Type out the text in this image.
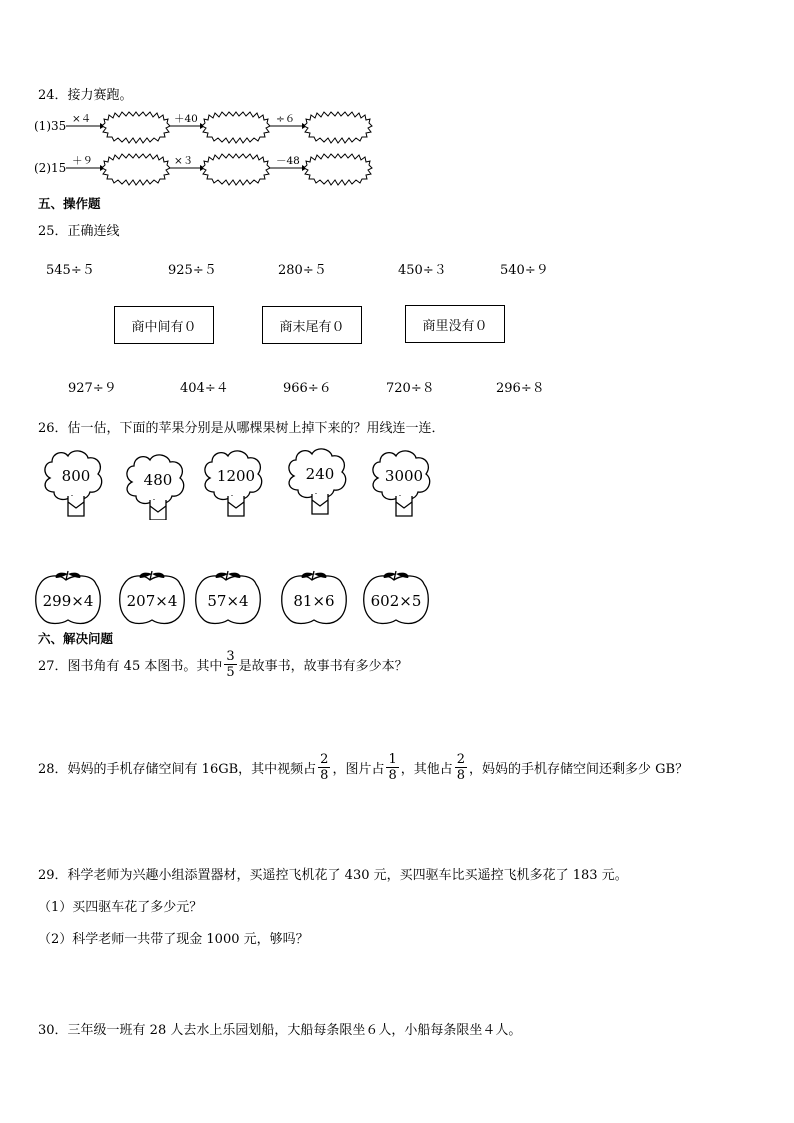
24．接力赛跑。
(1)35 ×４	＋40	÷６
(2)15 ＋９	×３	－48
五、操作题
25．正确连线
545÷５	925÷５	280÷５	450÷３	540÷９
商中间有０	商末尾有０	商里没有０
927÷９	404÷４	966÷６	720÷８	296÷８
26．估一估，下面的苹果分别是从哪棵果树上掉下来的？用线连一连．
800	480	1200	240	3000
299×4 207×4 57×4	81×6 602×5
六、解决问题
27．图书角有 45 本图书。其中 $\frac{3}{5}$ 是故事书，故事书有多少本？
28．妈妈的手机存储空间有 16GB，其中视频占 $\frac{2}{8}$ ，图片占 $\frac{1}{8}$ ，其他占 $\frac{2}{8}$ ，妈妈的手机存储空间还剩多少 GB？
29．科学老师为兴趣小组添置器材，买遥控飞机花了 430 元，买四驱车比买遥控飞机多花了 183 元。
（1）买四驱车花了多少元？
（2）科学老师一共带了现金 1000 元，够吗？
30．三年级一班有 28 人去水上乐园划船，大船每条限坐６人，小船每条限坐４人。
